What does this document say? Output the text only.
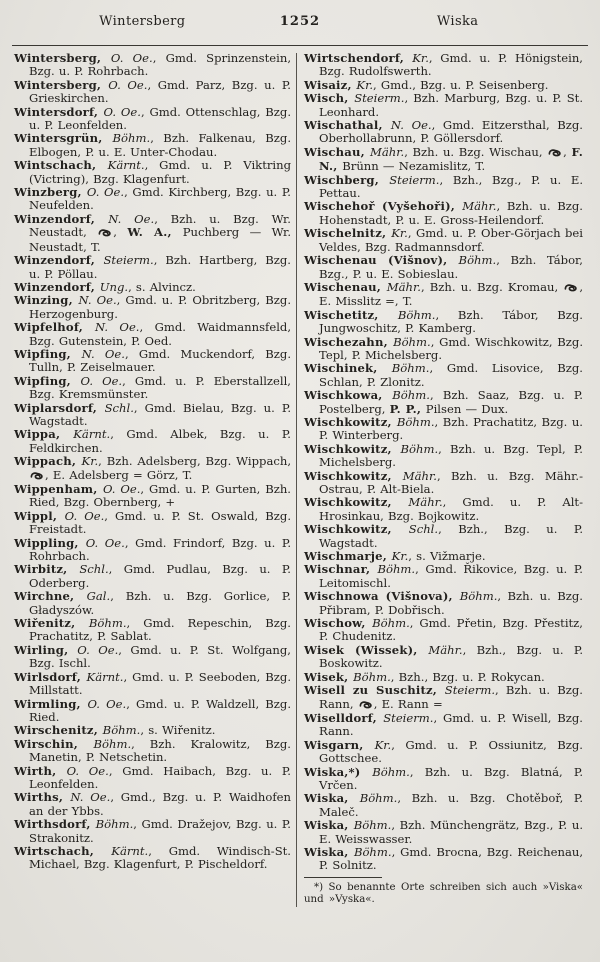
Wintersberg	1252	Wiska

Wintersberg, O. Oe., Gmd. Sprinzenstein, Bzg. u. P. Rohrbach.

Wintersberg, O. Oe., Gmd. Parz, Bzg. u. P. Grieskirchen.

Wintersdorf, O. Oe., Gmd. Ottenschlag, Bzg. u. P. Leonfelden.

Wintersgrün, Böhm., Bzh. Falkenau, Bzg. Elbogen, P. u. E. Unter-Chodau.

Wintschach, Kärnt., Gmd. u. P. Viktring (Victring), Bzg. Klagenfurt.

Winzberg, O. Oe., Gmd. Kirchberg, Bzg. u. P. Neufelden.

Winzendorf, N. Oe., Bzh. u. Bzg. Wr. Neustadt, , W. A., Puchberg — Wr. Neustadt, T.

Winzendorf, Steierm., Bzh. Hartberg, Bzg. u. P. Pöllau.

Winzendorf, Ung., s. Alvincz.

Winzing, N. Oe., Gmd. u. P. Obritzberg, Bzg. Herzogenburg.

Wipfelhof, N. Oe., Gmd. Waidmannsfeld, Bzg. Gutenstein, P. Oed.

Wipfing, N. Oe., Gmd. Muckendorf, Bzg. Tulln, P. Zeiselmauer.

Wipfing, O. Oe., Gmd. u. P. Eberstallzell, Bzg. Kremsmünster.

Wiplarsdorf, Schl., Gmd. Bielau, Bzg. u. P. Wagstadt.

Wippa, Kärnt., Gmd. Albek, Bzg. u. P. Feldkirchen.

Wippach, Kr., Bzh. Adelsberg, Bzg. Wippach, , E. Adelsberg = Görz, T.

Wippenham, O. Oe., Gmd. u. P. Gurten, Bzh. Ried, Bzg. Obernberg, +

Wippl, O. Oe., Gmd. u. P. St. Oswald, Bzg. Freistadt.

Wippling, O. Oe., Gmd. Frindorf, Bzg. u. P. Rohrbach.

Wirbitz, Schl., Gmd. Pudlau, Bzg. u. P. Oderberg.

Wirchne, Gal., Bzh. u. Bzg. Gorlice, P. Gładyszów.

Wiřenitz, Böhm., Gmd. Repeschin, Bzg. Prachatitz, P. Sablat.

Wirling, O. Oe., Gmd. u. P. St. Wolfgang, Bzg. Ischl.

Wirlsdorf, Kärnt., Gmd. u. P. Seeboden, Bzg. Millstatt.

Wirmling, O. Oe., Gmd. u. P. Waldzell, Bzg. Ried.

Wirschenitz, Böhm., s. Wiřenitz.

Wirschin, Böhm., Bzh. Kralowitz, Bzg. Manetin, P. Netschetin.

Wirth, O. Oe., Gmd. Haibach, Bzg. u. P. Leonfelden.

Wirths, N. Oe., Gmd., Bzg. u. P. Waidhofen an der Ybbs.

Wirthsdorf, Böhm., Gmd. Dražejov, Bzg. u. P. Strakonitz.

Wirtschach, Kärnt., Gmd. Windisch-St. Michael, Bzg. Klagenfurt, P. Pischeldorf.

Wirtschendorf, Kr., Gmd. u. P. Hönigstein, Bzg. Rudolfswerth.

Wisaiz, Kr., Gmd., Bzg. u. P. Seisenberg.

Wisch, Steierm., Bzh. Marburg, Bzg. u. P. St. Leonhard.

Wischathal, N. Oe., Gmd. Eitzersthal, Bzg. Oberhollabrunn, P. Göllersdorf.

Wischau, Mähr., Bzh. u. Bzg. Wischau, , F. N., Brünn — Nezamislitz, T.

Wischberg, Steierm., Bzh., Bzg., P. u. E. Pettau.

Wischehoř (Vyšehoři), Mähr., Bzh. u. Bzg. Hohenstadt, P. u. E. Gross-Heilendorf.

Wischelnitz, Kr., Gmd. u. P. Ober-Görjach bei Veldes, Bzg. Radmannsdorf.

Wischenau (Višnov), Böhm., Bzh. Tábor, Bzg., P. u. E. Sobieslau.

Wischenau, Mähr., Bzh. u. Bzg. Kromau, , E. Misslitz =, T.

Wischetitz, Böhm., Bzh. Tábor, Bzg. Jungwoschitz, P. Kamberg.

Wischezahn, Böhm., Gmd. Wischkowitz, Bzg. Tepl, P. Michelsberg.

Wischinek, Böhm., Gmd. Lisovice, Bzg. Schlan, P. Zlonitz.

Wischkowa, Böhm., Bzh. Saaz, Bzg. u. P. Postelberg, P. P., Pilsen — Dux.

Wischkowitz, Böhm., Bzh. Prachatitz, Bzg. u. P. Winterberg.

Wischkowitz, Böhm., Bzh. u. Bzg. Tepl, P. Michelsberg.

Wischkowitz, Mähr., Bzh. u. Bzg. Mähr.-Ostrau, P. Alt-Biela.

Wischkowitz, Mähr., Gmd. u. P. Alt-Hrosinkau, Bzg. Bojkowitz.

Wischkowitz, Schl., Bzh., Bzg. u. P. Wagstadt.

Wischmarje, Kr., s. Vižmarje.

Wischnar, Böhm., Gmd. Řikovice, Bzg. u. P. Leitomischl.

Wischnowa (Višnova), Böhm., Bzh. u. Bzg. Přibram, P. Dobřisch.

Wischow, Böhm., Gmd. Přetin, Bzg. Přestitz, P. Chudenitz.

Wisek (Wissek), Mähr., Bzh., Bzg. u. P. Boskowitz.

Wisek, Böhm., Bzh., Bzg. u. P. Rokycan.

Wisell zu Suschitz, Steierm., Bzh. u. Bzg. Rann, , E. Rann =

Wiselldorf, Steierm., Gmd. u. P. Wisell, Bzg. Rann.

Wisgarn, Kr., Gmd. u. P. Ossiunitz, Bzg. Gottschee.

Wiska,*) Böhm., Bzh. u. Bzg. Blatná, P. Vrčen.

Wiska, Böhm., Bzh. u. Bzg. Chotěboř, P. Maleč.

Wiska, Böhm., Bzh. Münchengrätz, Bzg., P. u. E. Weisswasser.

Wiska, Böhm., Gmd. Brocna, Bzg. Reichenau, P. Solnitz.

*) So benannte Orte schreiben sich auch »Viska« und »Vyska«.
